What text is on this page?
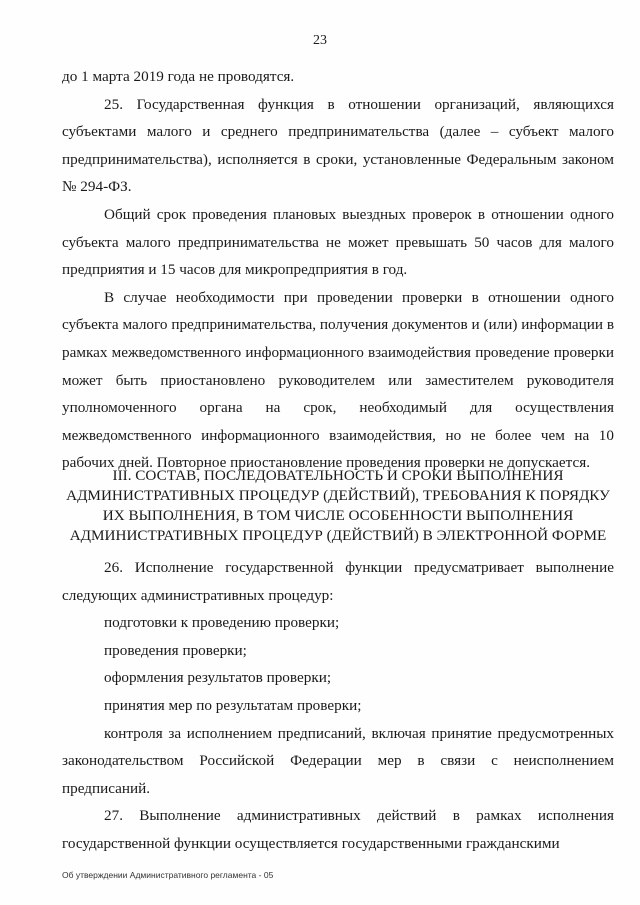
23

до 1 марта 2019 года не проводятся.

25. Государственная функция в отношении организаций, являющихся субъектами малого и среднего предпринимательства (далее – субъект малого предпринимательства), исполняется в сроки, установленные Федеральным законом № 294-ФЗ.

Общий срок проведения плановых выездных проверок в отношении одного субъекта малого предпринимательства не может превышать 50 часов для малого предприятия и 15 часов для микропредприятия в год.

В случае необходимости при проведении проверки в отношении одного субъекта малого предпринимательства, получения документов и (или) информации в рамках межведомственного информационного взаимодействия проведение проверки может быть приостановлено руководителем или заместителем руководителя уполномоченного органа на срок, необходимый для осуществления межведомственного информационного взаимодействия, но не более чем на 10 рабочих дней. Повторное приостановление проведения проверки не допускается.

III. СОСТАВ, ПОСЛЕДОВАТЕЛЬНОСТЬ И СРОКИ ВЫПОЛНЕНИЯ
АДМИНИСТРАТИВНЫХ ПРОЦЕДУР (ДЕЙСТВИЙ), ТРЕБОВАНИЯ К ПОРЯДКУ
ИХ ВЫПОЛНЕНИЯ, В ТОМ ЧИСЛЕ ОСОБЕННОСТИ ВЫПОЛНЕНИЯ
АДМИНИСТРАТИВНЫХ ПРОЦЕДУР (ДЕЙСТВИЙ) В ЭЛЕКТРОННОЙ ФОРМЕ

26. Исполнение государственной функции предусматривает выполнение следующих административных процедур:

подготовки к проведению проверки;

проведения проверки;

оформления результатов проверки;

принятия мер по результатам проверки;

контроля за исполнением предписаний, включая принятие предусмотренных законодательством Российской Федерации мер в связи с неисполнением предписаний.

27. Выполнение административных действий в рамках исполнения государственной функции осуществляется государственными гражданскими

Об утверждении Административного регламента - 05
